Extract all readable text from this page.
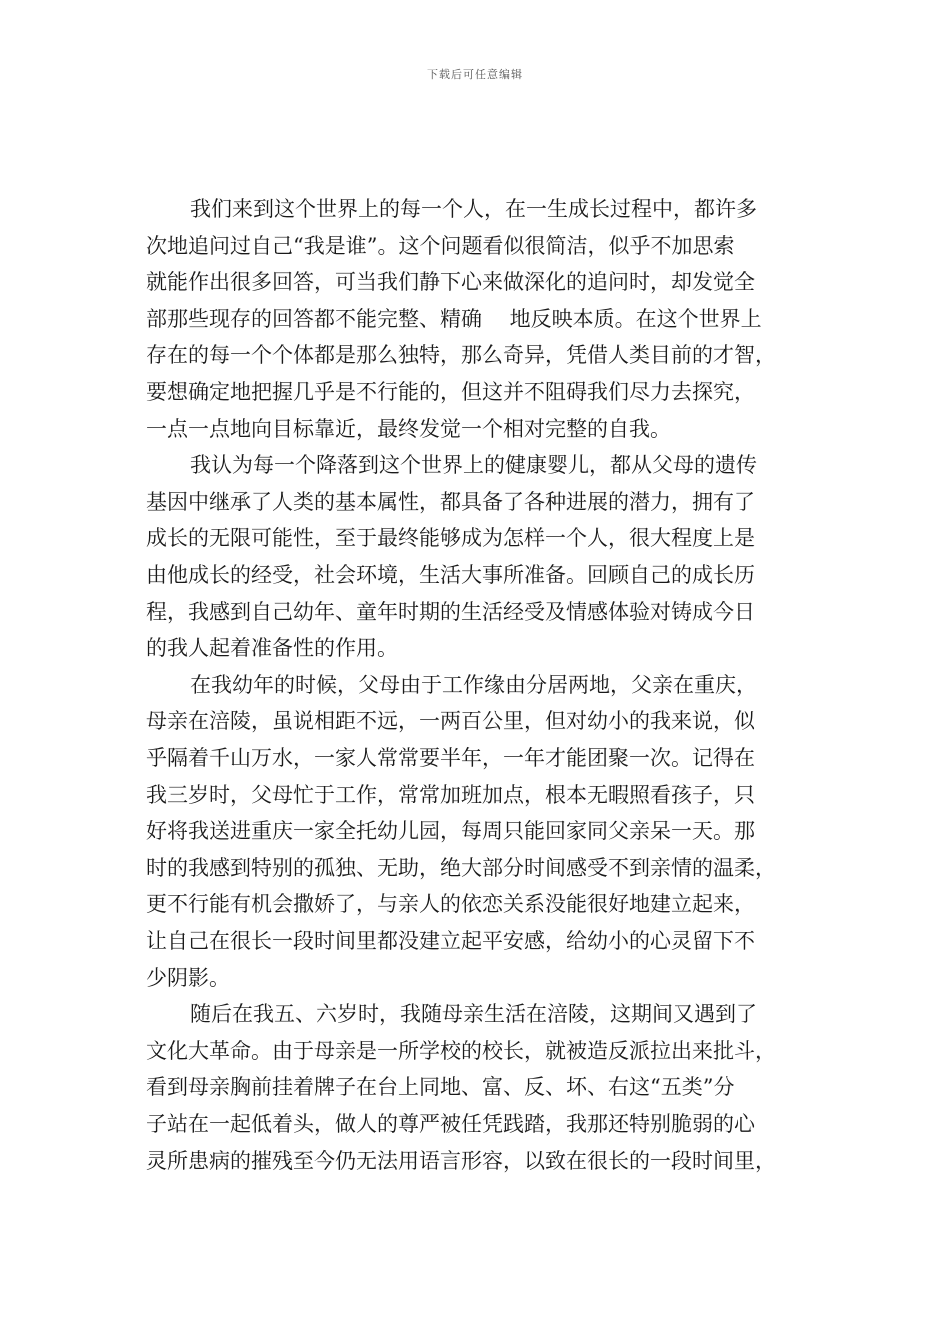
下载后可任意编辑
我们来到这个世界上的每一个人，在一生成长过程中，都许多
次地追问过自己“我是谁”。这个问题看似很简洁，似乎不加思索
就能作出很多回答，可当我们静下心来做深化的追问时，却发觉全
部那些现存的回答都不能完整、精确　 地反映本质。在这个世界上
存在的每一个个体都是那么独特，那么奇异，凭借人类目前的才智，
要想确定地把握几乎是不行能的，但这并不阻碍我们尽力去探究，
一点一点地向目标靠近，最终发觉一个相对完整的自我。
我认为每一个降落到这个世界上的健康婴儿，都从父母的遗传
基因中继承了人类的基本属性，都具备了各种进展的潜力，拥有了
成长的无限可能性，至于最终能够成为怎样一个人，很大程度上是
由他成长的经受，社会环境，生活大事所准备。回顾自己的成长历
程，我感到自己幼年、童年时期的生活经受及情感体验对铸成今日
的我人起着准备性的作用。
在我幼年的时候，父母由于工作缘由分居两地，父亲在重庆，
母亲在涪陵，虽说相距不远，一两百公里，但对幼小的我来说，似
乎隔着千山万水，一家人常常要半年，一年才能团聚一次。记得在
我三岁时，父母忙于工作，常常加班加点，根本无暇照看孩子，只
好将我送进重庆一家全托幼儿园，每周只能回家同父亲呆一天。那
时的我感到特别的孤独、无助，绝大部分时间感受不到亲情的温柔，
更不行能有机会撒娇了，与亲人的依恋关系没能很好地建立起来，
让自己在很长一段时间里都没建立起平安感，给幼小的心灵留下不
少阴影。
随后在我五、六岁时，我随母亲生活在涪陵，这期间又遇到了
文化大革命。由于母亲是一所学校的校长，就被造反派拉出来批斗，
看到母亲胸前挂着牌子在台上同地、富、反、坏、右这“五类”分
子站在一起低着头，做人的尊严被任凭践踏，我那还特别脆弱的心
灵所患病的摧残至今仍无法用语言形容，以致在很长的一段时间里，
